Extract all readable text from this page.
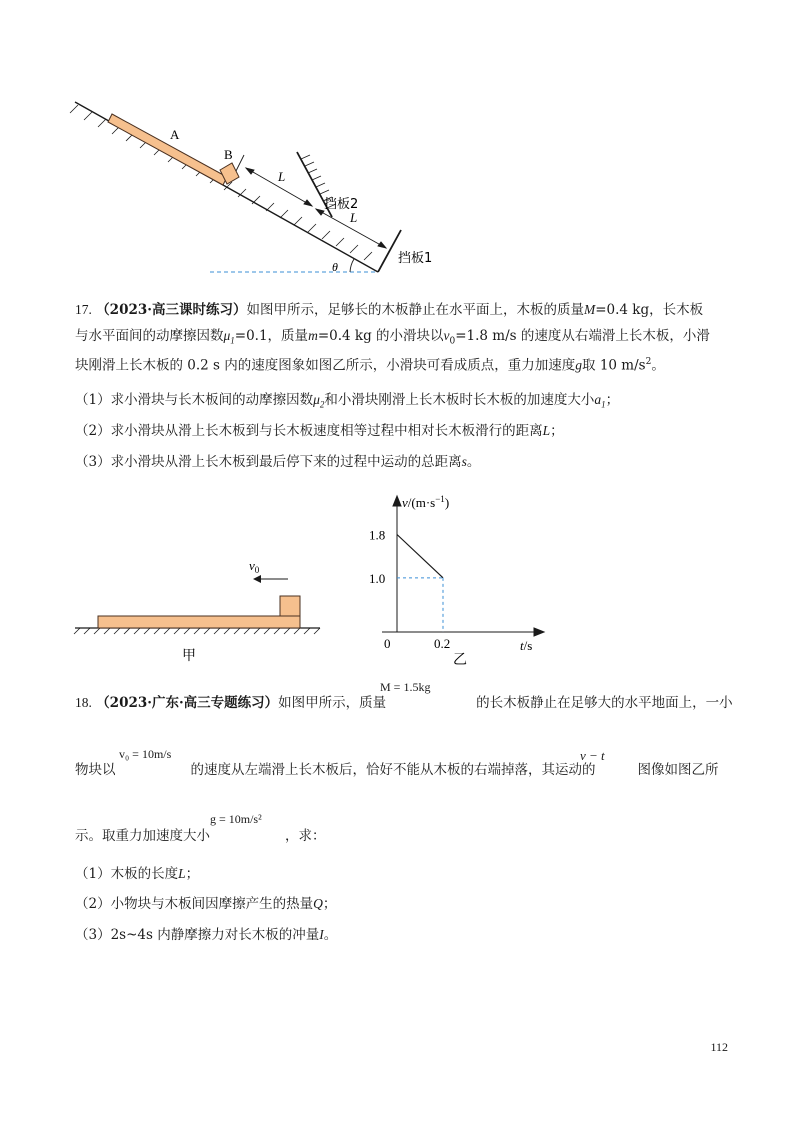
A
B
L
L
挡板2
挡板1
θ
17. （2023·高三课时练习）如图甲所示，足够长的木板静止在水平面上，木板的质量M=0.4 kg，长木板
与水平面间的动摩擦因数$\mu_1=0.1$，质量m=0.4 kg 的小滑块以$v_0=1.8$ m/s 的速度从右端滑上长木板，小滑
块刚滑上长木板的 0.2 s 内的速度图象如图乙所示，小滑块可看成质点，重力加速度g取 10 $m/s^2$。
（1）求小滑块与长木板间的动摩擦因数$\mu_2$和小滑块刚滑上长木板时长木板的加速度大小$a_1$；
（2）求小滑块从滑上长木板到与长木板速度相等过程中相对长木板滑行的距离L；
（3）求小滑块从滑上长木板到最后停下来的过程中运动的总距离s。
$v_0$
甲
1.8
1.0
0.2
$v/(m\cdot s^{-1})$
t/s
0
乙
18. （2023·广东·高三专题练习）如图甲所示，质量	的长木板静止在足够大的水平地面上，一小
M = 1.5kg
物块以	的速度从左端滑上长木板后，恰好不能从木板的右端掉落，其运动的	图像如图乙所
v₀ = 10m/s	v − t
示。取重力加速度大小	，求：
g = 10m/s²
（1）木板的长度L；
（2）小物块与木板间因摩擦产生的热量Q；
（3）2s~4s 内静摩擦力对长木板的冲量I。
112
